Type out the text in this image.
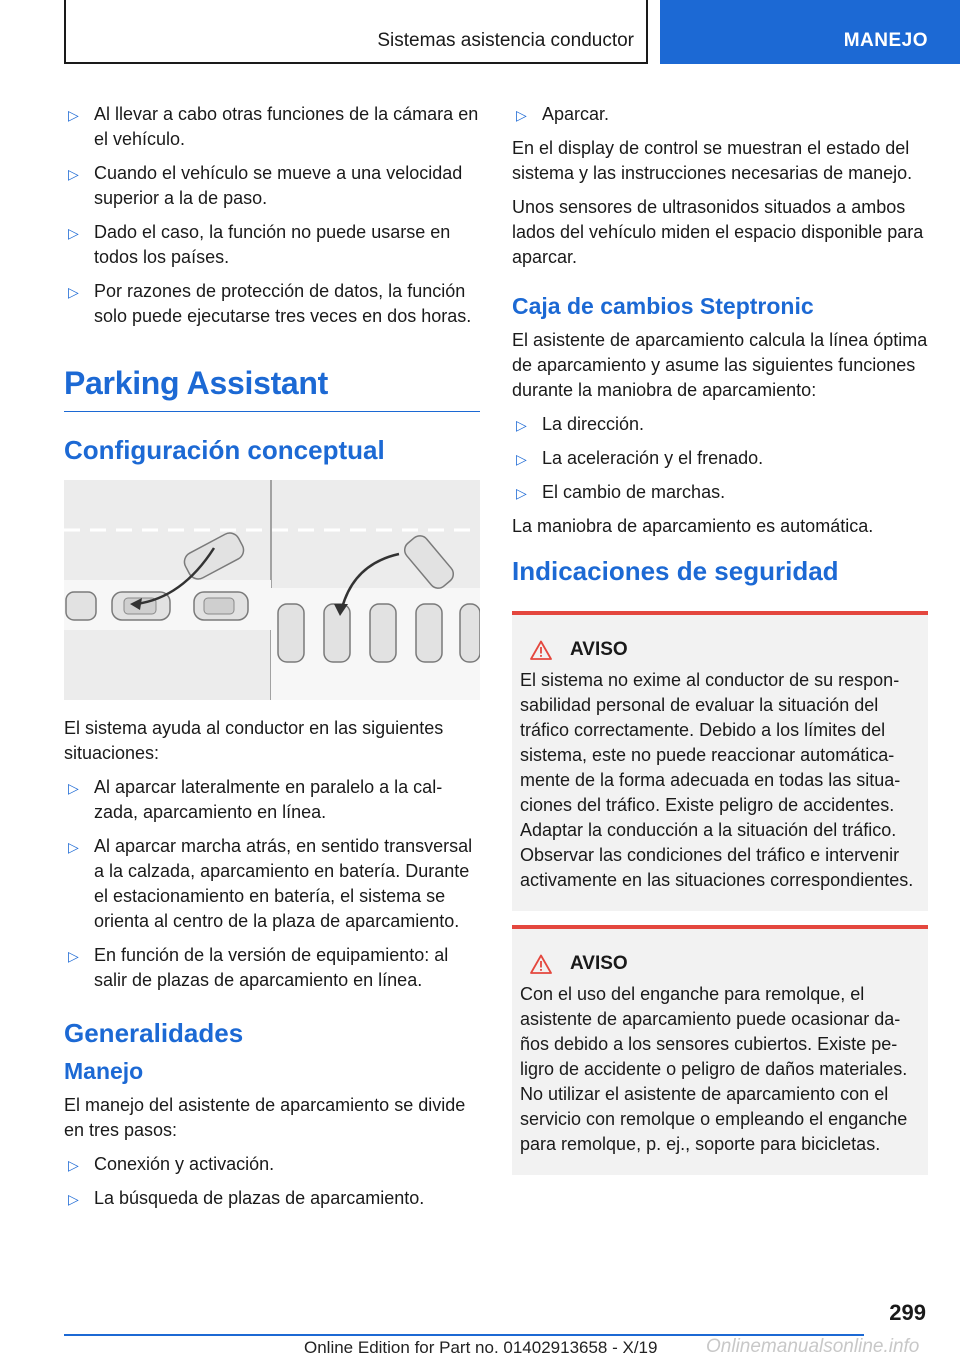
Sistemas asistencia conductor	MANEJO
▷ Al llevar a cabo otras funciones de la cámara en el vehículo.
▷ Cuando el vehículo se mueve a una velocidad superior a la de paso.
▷ Dado el caso, la función no puede usarse en todos los países.
▷ Por razones de protección de datos, la función solo puede ejecutarse tres veces en dos horas.
Parking Assistant
Configuración conceptual

El sistema ayuda al conductor en las siguientes situaciones:

▷ Al aparcar lateralmente en paralelo a la calzada, aparcamiento en línea.
▷ Al aparcar marcha atrás, en sentido transversal a la calzada, aparcamiento en batería. Durante el estacionamiento en batería, el sistema se orienta al centro de la plaza de aparcamiento.
▷ En función de la versión de equipamiento: al salir de plazas de aparcamiento en línea.
Generalidades
Manejo

El manejo del asistente de aparcamiento se divide en tres pasos:

▷ Conexión y activación.
▷ La búsqueda de plazas de aparcamiento.
▷ Aparcar.

En el display de control se muestran el estado del sistema y las instrucciones necesarias de manejo.

Unos sensores de ultrasonidos situados a ambos lados del vehículo miden el espacio disponible para aparcar.

Caja de cambios Steptronic

El asistente de aparcamiento calcula la línea óptima de aparcamiento y asume las siguientes funciones durante la maniobra de aparcamiento:

▷ La dirección.
▷ La aceleración y el frenado.
▷ El cambio de marchas.

La maniobra de aparcamiento es automática.

Indicaciones de seguridad
AVISO
El sistema no exime al conductor de su responsabilidad personal de evaluar la situación del tráfico correctamente. Debido a los límites del sistema, este no puede reaccionar automáticamente de la forma adecuada en todas las situaciones del tráfico. Existe peligro de accidentes. Adaptar la conducción a la situación del tráfico. Observar las condiciones del tráfico e intervenir activamente en las situaciones correspondientes.
AVISO
Con el uso del enganche para remolque, el asistente de aparcamiento puede ocasionar daños debido a los sensores cubiertos. Existe peligro de accidente o peligro de daños materiales. No utilizar el asistente de aparcamiento con el servicio con remolque o empleando el enganche para remolque, p. ej., soporte para bicicletas.
299
Online Edition for Part no. 01402913658 - X/19	Onlinemanualsonline.info
